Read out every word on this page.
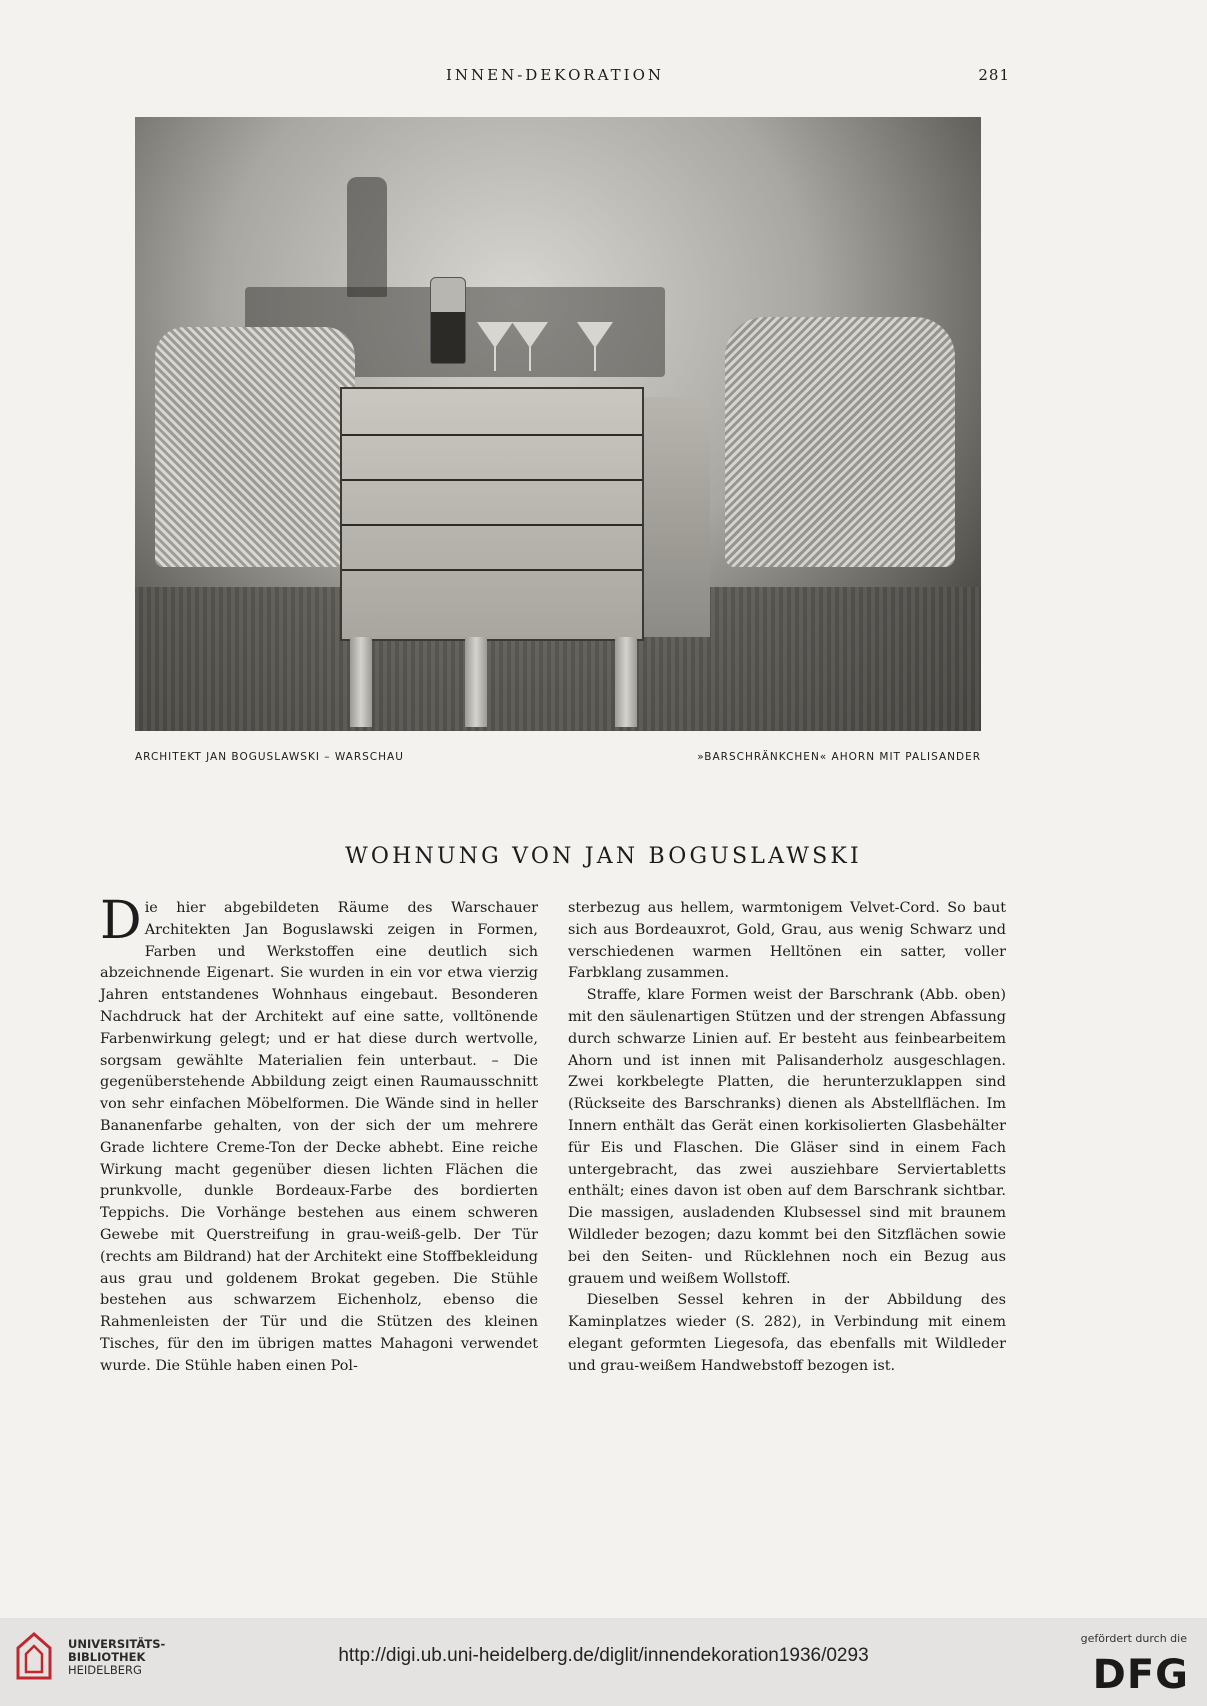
INNEN-DEKORATION	281
ARCHITEKT JAN BOGUSLAWSKI – WARSCHAU	»BARSCHRÄNKCHEN« AHORN MIT PALISANDER
WOHNUNG VON JAN BOGUSLAWSKI

Die hier abgebildeten Räume des Warschauer Architekten Jan Boguslawski zeigen in Formen, Farben und Werkstoffen eine deutlich sich abzeichnende Eigenart. Sie wurden in ein vor etwa vierzig Jahren entstandenes Wohnhaus eingebaut. Besonderen Nachdruck hat der Architekt auf eine satte, volltönende Farbenwirkung gelegt; und er hat diese durch wertvolle, sorgsam gewählte Materialien fein unterbaut. – Die gegenüberstehende Abbildung zeigt einen Raumausschnitt von sehr einfachen Möbelformen. Die Wände sind in heller Bananenfarbe gehalten, von der sich der um mehrere Grade lichtere Creme-Ton der Decke abhebt. Eine reiche Wirkung macht gegenüber diesen lichten Flächen die prunkvolle, dunkle Bordeaux-Farbe des bordierten Teppichs. Die Vorhänge bestehen aus einem schweren Gewebe mit Querstreifung in grau-weiß-gelb. Der Tür (rechts am Bildrand) hat der Architekt eine Stoffbekleidung aus grau und goldenem Brokat gegeben. Die Stühle bestehen aus schwarzem Eichenholz, ebenso die Rahmenleisten der Tür und die Stützen des kleinen Tisches, für den im übrigen mattes Mahagoni verwendet wurde. Die Stühle haben einen Pol-

sterbezug aus hellem, warmtonigem Velvet-Cord. So baut sich aus Bordeauxrot, Gold, Grau, aus wenig Schwarz und verschiedenen warmen Helltönen ein satter, voller Farbklang zusammen.

Straffe, klare Formen weist der Barschrank (Abb. oben) mit den säulenartigen Stützen und der strengen Abfassung durch schwarze Linien auf. Er besteht aus feinbearbeitem Ahorn und ist innen mit Palisanderholz ausgeschlagen. Zwei korkbelegte Platten, die herunterzuklappen sind (Rückseite des Barschranks) dienen als Abstellflächen. Im Innern enthält das Gerät einen korkisolierten Glasbehälter für Eis und Flaschen. Die Gläser sind in einem Fach untergebracht, das zwei ausziehbare Serviertabletts enthält; eines davon ist oben auf dem Barschrank sichtbar. Die massigen, ausladenden Klubsessel sind mit braunem Wildleder bezogen; dazu kommt bei den Sitzflächen sowie bei den Seiten- und Rücklehnen noch ein Bezug aus grauem und weißem Wollstoff.

Dieselben Sessel kehren in der Abbildung des Kaminplatzes wieder (S. 282), in Verbindung mit einem elegant geformten Liegesofa, das ebenfalls mit Wildleder und grau-weißem Handwebstoff bezogen ist.

UNIVERSITÄTS-
BIBLIOTHEK
HEIDELBERG
http://digi.ub.uni-heidelberg.de/diglit/innendekoration1936/0293
gefördert durch die
DFG
